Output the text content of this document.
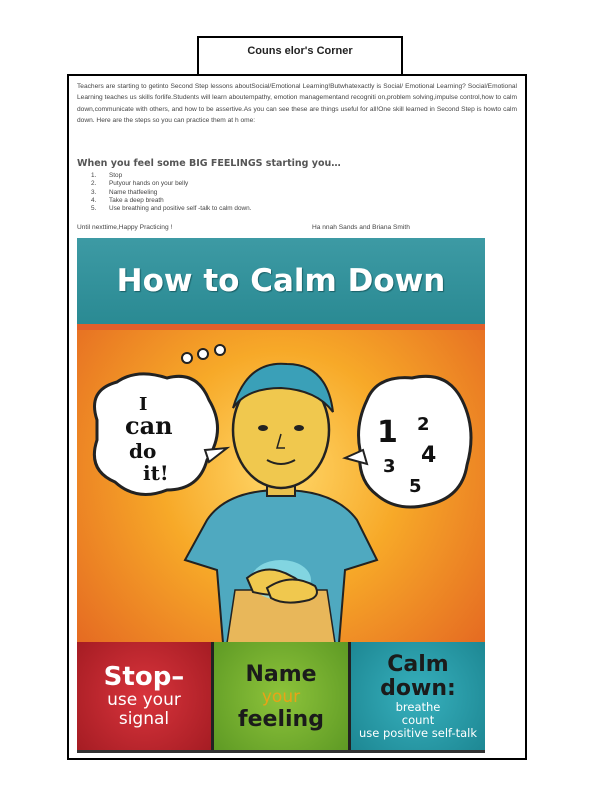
Couns elor's Corner
Teachers are starting to getinto Second Step lessons aboutSocial/Emotional Learning!Butwhatexactly is Social/ Emotional Learning? Social/Emotional Learning teaches us skills forlife.Students will learn aboutempathy, emotion managementand recogniti on,problem solving,impulse control,how to calm down,communicate with others, and how to be assertive.As you can see these are things useful for all!One skill learned in Second Step is howto calm down. Here are the steps so you can practice them at h ome:
When you feel some BIG FEELINGS starting you…
1. Stop
2. Putyour hands on your belly
3. Name thatfeeling
4. Take a deep breath
5. Use breathing and positive self -talk to calm down.
Until nexttime,Happy Practicing !	Ha nnah Sands and Briana Smith
How to Calm Down
I
can
do
it!
1 2
3 4
5
Stop–
use your
signal
Name
your
feeling
Calm
down:
breathe
count
use positive self-talk
